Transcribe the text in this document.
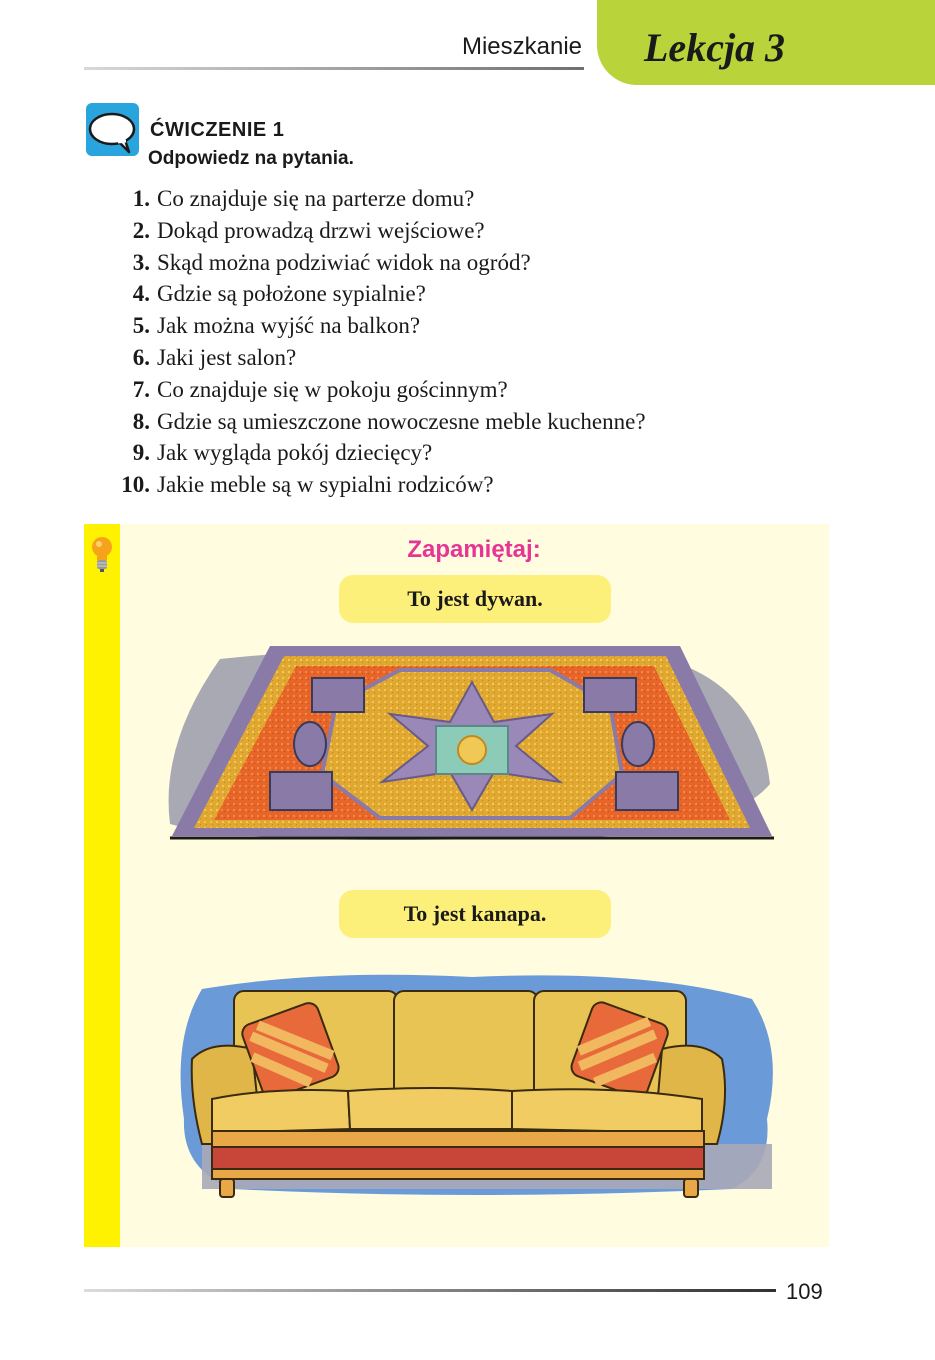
Mieszkanie Lekcja 3
ĆWICZENIE 1
Odpowiedz na pytania.
1. Co znajduje się na parterze domu?
2. Dokąd prowadzą drzwi wejściowe?
3. Skąd można podziwiać widok na ogród?
4. Gdzie są położone sypialnie?
5. Jak można wyjść na balkon?
6. Jaki jest salon?
7. Co znajduje się w pokoju gościnnym?
8. Gdzie są umieszczone nowoczesne meble kuchenne?
9. Jak wygląda pokój dziecięcy?
10. Jakie meble są w sypialni rodziców?
Zapamiętaj:
To jest dywan.
To jest kanapa.
109
